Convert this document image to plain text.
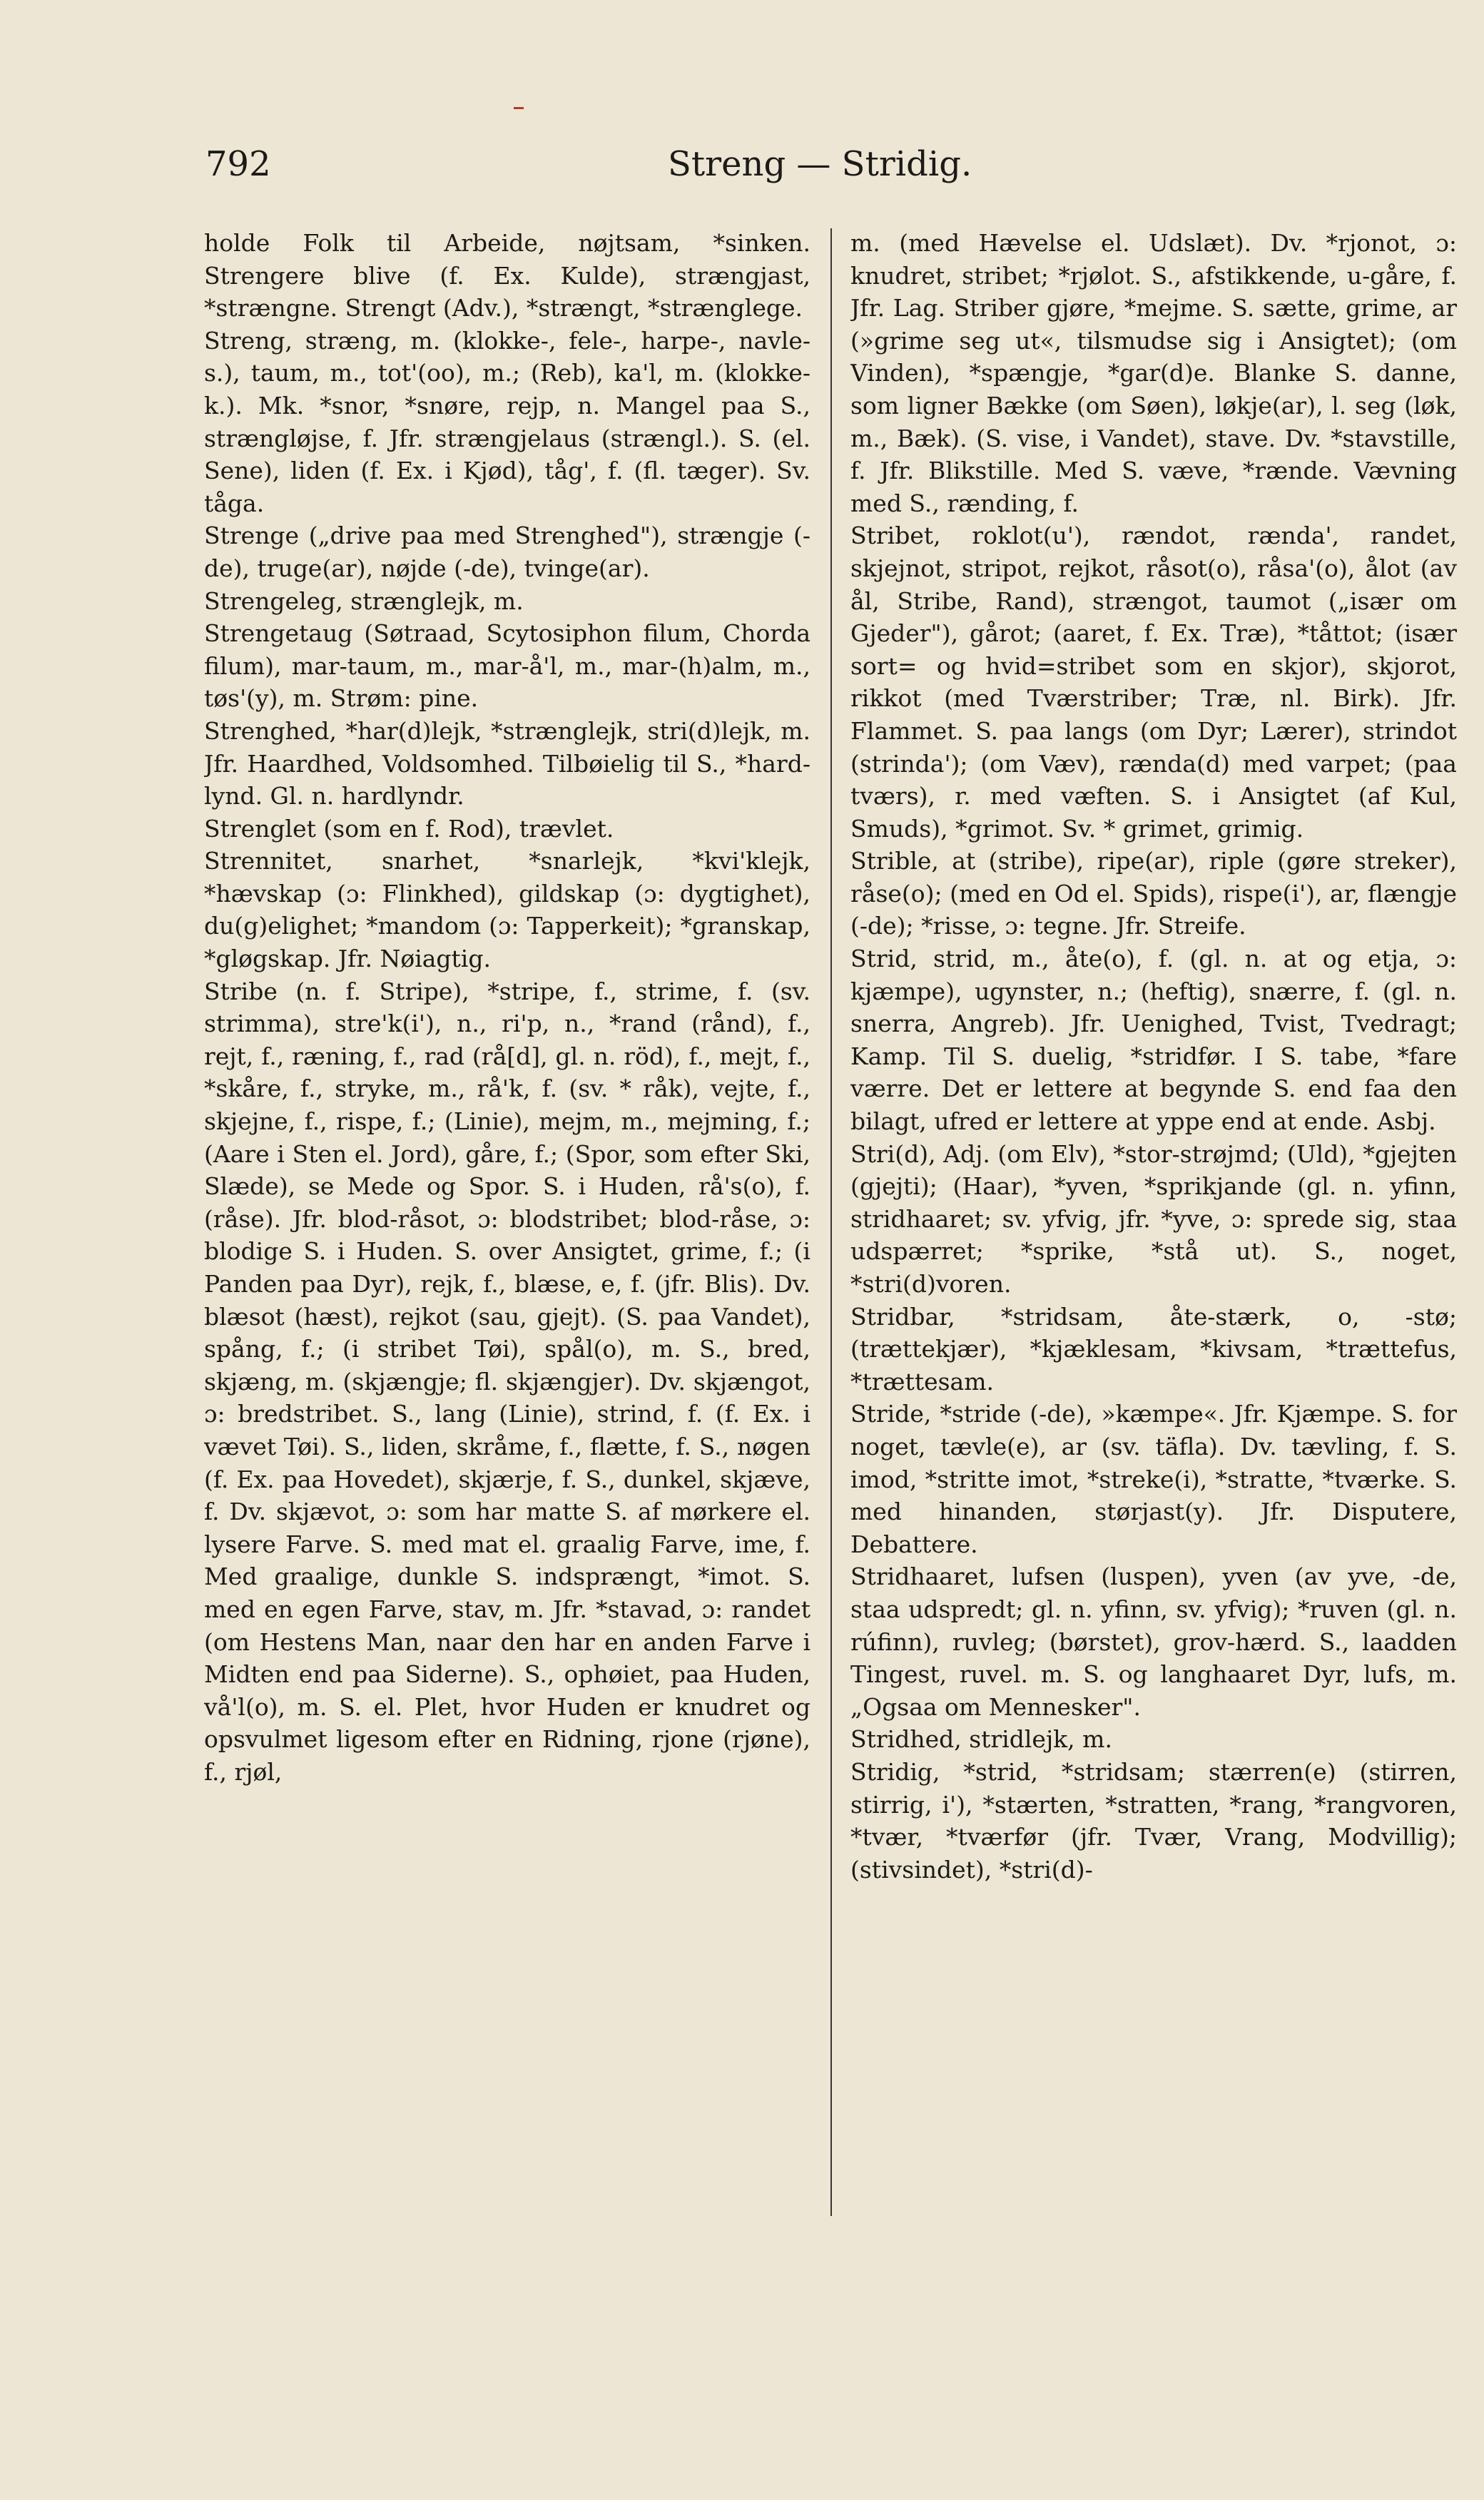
792	Streng — Stridig.

holde Folk til Arbeide, nøjtsam, *sinken. Strengere blive (f. Ex. Kulde), strængjast, *strængne. Strengt (Adv.), *strængt, *strænglege.

Streng, stræng, m. (klokke-, fele-, harpe-, navle-s.), taum, m., tot'(oo), m.; (Reb), ka'l, m. (klokke-k.). Mk. *snor, *snøre, rejp, n. Mangel paa S., strængløjse, f. Jfr. strængjelaus (strængl.). S. (el. Sene), liden (f. Ex. i Kjød), tåg', f. (fl. tæger). Sv. tåga.

Strenge („drive paa med Strenghed"), strængje (-de), truge(ar), nøjde (-de), tvinge(ar).

Strengeleg, strænglejk, m.

Strengetaug (Søtraad, Scytosiphon filum, Chorda filum), mar-taum, m., mar-å'l, m., mar-(h)alm, m., tøs'(y), m. Strøm: pine.

Strenghed, *har(d)lejk, *strænglejk, stri(d)lejk, m. Jfr. Haardhed, Voldsomhed. Tilbøielig til S., *hard-lynd. Gl. n. hardlyndr.

Strenglet (som en f. Rod), trævlet.

Strennitet, snarhet, *snarlejk, *kvi'klejk, *hævskap (ɔ: Flinkhed), gildskap (ɔ: dygtighet), du(g)elighet; *mandom (ɔ: Tapperkeit); *granskap, *gløgskap. Jfr. Nøiagtig.

Stribe (n. f. Stripe), *stripe, f., strime, f. (sv. strimma), stre'k(i'), n., ri'p, n., *rand (rånd), f., rejt, f., ræning, f., rad (rå[d], gl. n. röd), f., mejt, f., *skåre, f., stryke, m., rå'k, f. (sv. * råk), vejte, f., skjejne, f., rispe, f.; (Linie), mejm, m., mejming, f.; (Aare i Sten el. Jord), gåre, f.; (Spor, som efter Ski, Slæde), se Mede og Spor. S. i Huden, rå's(o), f. (råse). Jfr. blod-råsot, ɔ: blodstribet; blod-råse, ɔ: blodige S. i Huden. S. over Ansigtet, grime, f.; (i Panden paa Dyr), rejk, f., blæse, e, f. (jfr. Blis). Dv. blæsot (hæst), rejkot (sau, gjejt). (S. paa Vandet), spång, f.; (i stribet Tøi), spål(o), m. S., bred, skjæng, m. (skjængje; fl. skjængjer). Dv. skjængot, ɔ: bredstribet. S., lang (Linie), strind, f. (f. Ex. i vævet Tøi). S., liden, skråme, f., flætte, f. S., nøgen (f. Ex. paa Hovedet), skjærje, f. S., dunkel, skjæve, f. Dv. skjævot, ɔ: som har matte S. af mørkere el. lysere Farve. S. med mat el. graalig Farve, ime, f. Med graalige, dunkle S. indsprængt, *imot. S. med en egen Farve, stav, m. Jfr. *stavad, ɔ: randet (om Hestens Man, naar den har en anden Farve i Midten end paa Siderne). S., ophøiet, paa Huden, vå'l(o), m. S. el. Plet, hvor Huden er knudret og opsvulmet ligesom efter en Ridning, rjone (rjøne), f., rjøl,

m. (med Hævelse el. Udslæt). Dv. *rjonot, ɔ: knudret, stribet; *rjølot. S., afstikkende, u-gåre, f. Jfr. Lag. Striber gjøre, *mejme. S. sætte, grime, ar (»grime seg ut«, tilsmudse sig i Ansigtet); (om Vinden), *spængje, *gar(d)e. Blanke S. danne, som ligner Bække (om Søen), løkje(ar), l. seg (løk, m., Bæk). (S. vise, i Vandet), stave. Dv. *stavstille, f. Jfr. Blikstille. Med S. væve, *rænde. Vævning med S., rænding, f.

Stribet, roklot(u'), rændot, rænda', randet, skjejnot, stripot, rejkot, råsot(o), råsa'(o), ålot (av ål, Stribe, Rand), strængot, taumot („især om Gjeder"), gårot; (aaret, f. Ex. Træ), *tåttot; (især sort= og hvid=stribet som en skjor), skjorot, rikkot (med Tværstriber; Træ, nl. Birk). Jfr. Flammet. S. paa langs (om Dyr; Lærer), strindot (strinda'); (om Væv), rænda(d) med varpet; (paa tværs), r. med væften. S. i Ansigtet (af Kul, Smuds), *grimot. Sv. * grimet, grimig.

Strible, at (stribe), ripe(ar), riple (gøre streker), råse(o); (med en Od el. Spids), rispe(i'), ar, flængje (-de); *risse, ɔ: tegne. Jfr. Streife.

Strid, strid, m., åte(o), f. (gl. n. at og etja, ɔ: kjæmpe), ugynster, n.; (heftig), snærre, f. (gl. n. snerra, Angreb). Jfr. Uenighed, Tvist, Tvedragt; Kamp. Til S. duelig, *stridfør. I S. tabe, *fare værre. Det er lettere at begynde S. end faa den bilagt, ufred er lettere at yppe end at ende. Asbj.

Stri(d), Adj. (om Elv), *stor-strøjmd; (Uld), *gjejten (gjejti); (Haar), *yven, *sprikjande (gl. n. yfinn, stridhaaret; sv. yfvig, jfr. *yve, ɔ: sprede sig, staa udspærret; *sprike, *stå ut). S., noget, *stri(d)voren.

Stridbar, *stridsam, åte-stærk, o, -stø; (trættekjær), *kjæklesam, *kivsam, *trættefus, *trættesam.

Stride, *stride (-de), »kæmpe«. Jfr. Kjæmpe. S. for noget, tævle(e), ar (sv. täfla). Dv. tævling, f. S. imod, *stritte imot, *streke(i), *stratte, *tværke. S. med hinanden, størjast(y). Jfr. Disputere, Debattere.

Stridhaaret, lufsen (luspen), yven (av yve, -de, staa udspredt; gl. n. yfinn, sv. yfvig); *ruven (gl. n. rúfinn), ruvleg; (børstet), grov-hærd. S., laadden Tingest, ruvel. m. S. og langhaaret Dyr, lufs, m. „Ogsaa om Mennesker".

Stridhed, stridlejk, m.

Stridig, *strid, *stridsam; stærren(e) (stirren, stirrig, i'), *stærten, *stratten, *rang, *rangvoren, *tvær, *tværfør (jfr. Tvær, Vrang, Modvillig); (stivsindet), *stri(d)-
